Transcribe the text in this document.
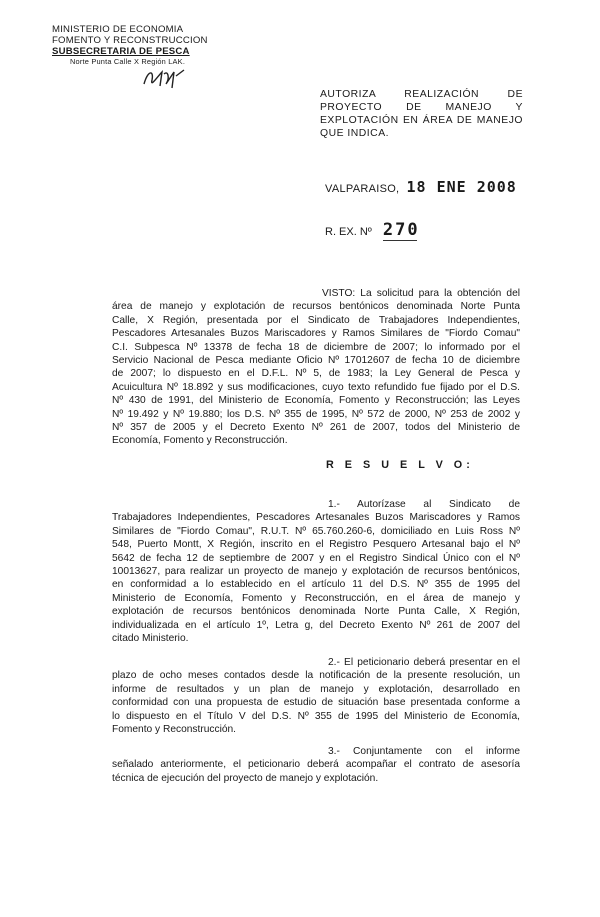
MINISTERIO DE ECONOMIA
FOMENTO Y RECONSTRUCCION
SUBSECRETARIA DE PESCA
Norte Punta Calle X Región LAK.
AUTORIZA REALIZACIÓN DE
PROYECTO DE MANEJO Y
EXPLOTACIÓN EN ÁREA DE MANEJO
QUE INDICA.
VALPARAISO, 18 ENE 2008
R. EX. Nº 270
VISTO: La solicitud para la obtención del
área de manejo y explotación de recursos bentónicos denominada Norte Punta
Calle, X Región, presentada por el Sindicato de Trabajadores Independientes,
Pescadores Artesanales Buzos Mariscadores y Ramos Similares de "Fiordo Comau"
C.I. Subpesca Nº 13378 de fecha 18 de diciembre de 2007; lo informado por el
Servicio Nacional de Pesca mediante Oficio Nº 17012607 de fecha 10 de diciembre
de 2007; lo dispuesto en el D.F.L. Nº 5, de 1983; la Ley General de Pesca y
Acuicultura Nº 18.892 y sus modificaciones, cuyo texto refundido fue fijado por el D.S.
Nº 430 de 1991, del Ministerio de Economía, Fomento y Reconstrucción; las Leyes
Nº 19.492 y Nº 19.880; los D.S. Nº 355 de 1995, Nº 572 de 2000, Nº 253 de 2002 y
Nº 357 de 2005 y el Decreto Exento Nº 261 de 2007, todos del Ministerio de
Economía, Fomento y Reconstrucción.
R E S U E L V O:
1.- Autorízase al Sindicato de
Trabajadores Independientes, Pescadores Artesanales Buzos Mariscadores y Ramos
Similares de "Fiordo Comau", R.U.T. Nº 65.760.260-6, domiciliado en Luis Ross Nº
548, Puerto Montt, X Región, inscrito en el Registro Pesquero Artesanal bajo el Nº
5642 de fecha 12 de septiembre de 2007 y en el Registro Sindical Único con el Nº
10013627, para realizar un proyecto de manejo y explotación de recursos bentónicos,
en conformidad a lo establecido en el artículo 11 del D.S. Nº 355 de 1995 del
Ministerio de Economía, Fomento y Reconstrucción, en el área de manejo y
explotación de recursos bentónicos denominada Norte Punta Calle, X Región,
individualizada en el artículo 1º, Letra g, del Decreto Exento Nº 261 de 2007 del
citado Ministerio.
2.- El peticionario deberá presentar en el
plazo de ocho meses contados desde la notificación de la presente resolución, un
informe de resultados y un plan de manejo y explotación, desarrollado en
conformidad con una propuesta de estudio de situación base presentada conforme a
lo dispuesto en el Título V del D.S. Nº 355 de 1995 del Ministerio de Economía,
Fomento y Reconstrucción.
3.- Conjuntamente con el informe
señalado anteriormente, el peticionario deberá acompañar el contrato de asesoría
técnica de ejecución del proyecto de manejo y explotación.
